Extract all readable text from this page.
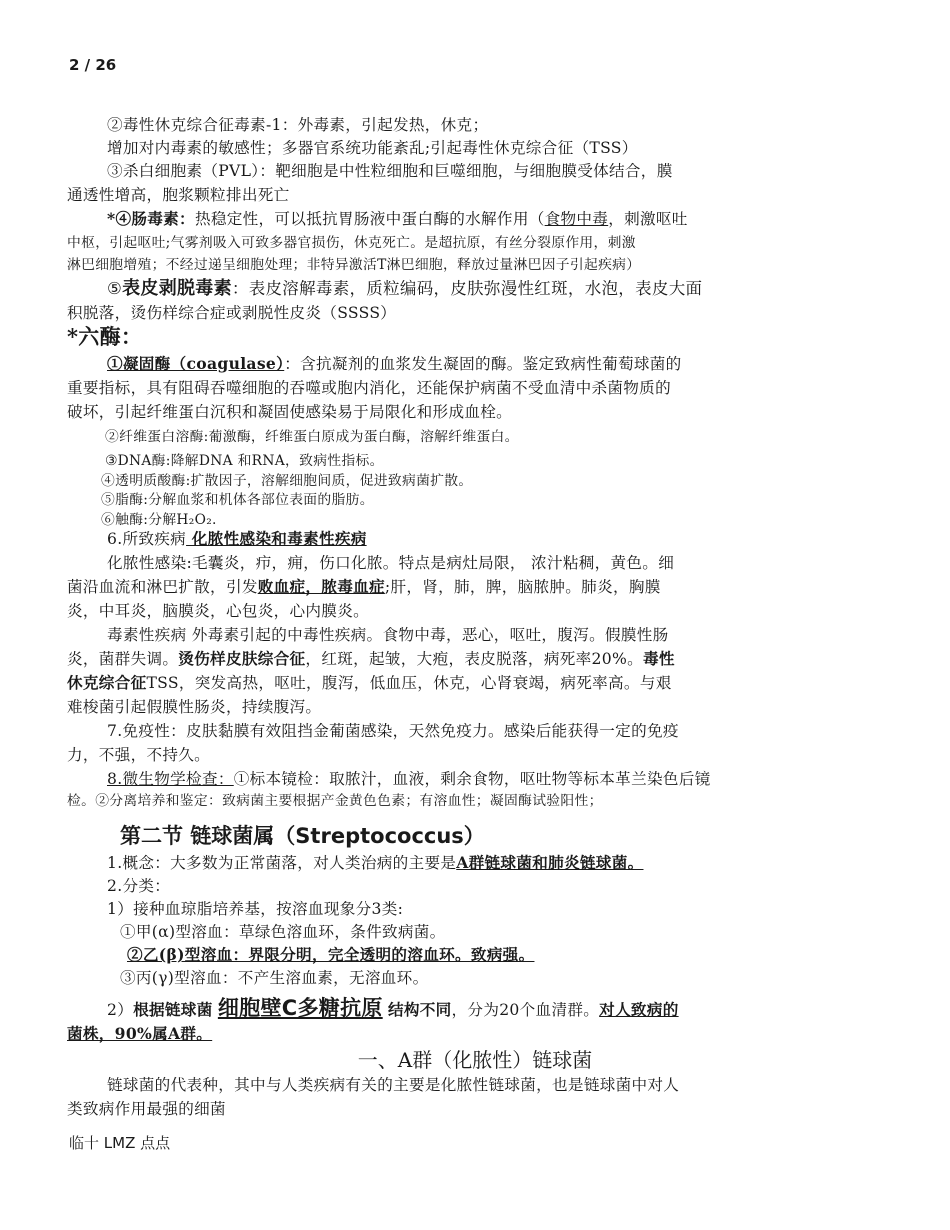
2 / 26
②毒性休克综合征毒素-1：外毒素，引起发热，休克；
增加对内毒素的敏感性；多器官系统功能紊乱;引起毒性休克综合征（TSS）
③杀白细胞素（PVL）：靶细胞是中性粒细胞和巨噬细胞，与细胞膜受体结合，膜
通透性增高，胞浆颗粒排出死亡
*④肠毒素：热稳定性，可以抵抗胃肠液中蛋白酶的水解作用（食物中毒，刺激呕吐
中枢，引起呕吐;气雾剂吸入可致多器官损伤，休克死亡。是超抗原，有丝分裂原作用，刺激
淋巴细胞增殖；不经过递呈细胞处理；非特异激活T淋巴细胞，释放过量淋巴因子引起疾病）
⑤表皮剥脱毒素：表皮溶解毒素，质粒编码，皮肤弥漫性红斑，水泡，表皮大面
积脱落，烫伤样综合症或剥脱性皮炎（SSSS）
*六酶：
①凝固酶（coagulase）：含抗凝剂的血浆发生凝固的酶。鉴定致病性葡萄球菌的
重要指标，具有阻碍吞噬细胞的吞噬或胞内消化，还能保护病菌不受血清中杀菌物质的
破坏，引起纤维蛋白沉积和凝固使感染易于局限化和形成血栓。
②纤维蛋白溶酶:葡激酶，纤维蛋白原成为蛋白酶，溶解纤维蛋白。
③DNA酶:降解DNA 和RNA，致病性指标。
④透明质酸酶:扩散因子，溶解细胞间质，促进致病菌扩散。
⑤脂酶:分解血浆和机体各部位表面的脂肪。
⑥触酶:分解H₂O₂.
6.所致疾病 化脓性感染和毒素性疾病
化脓性感染:毛囊炎，疖，痈，伤口化脓。特点是病灶局限， 浓汁粘稠，黄色。细
菌沿血流和淋巴扩散，引发败血症，脓毒血症;肝，肾，肺，脾，脑脓肿。肺炎，胸膜
炎，中耳炎，脑膜炎，心包炎，心内膜炎。
毒素性疾病 外毒素引起的中毒性疾病。食物中毒，恶心，呕吐，腹泻。假膜性肠
炎，菌群失调。烫伤样皮肤综合征，红斑，起皱，大疱，表皮脱落，病死率20%。毒性
休克综合征TSS，突发高热，呕吐，腹泻，低血压，休克，心肾衰竭，病死率高。与艰
难梭菌引起假膜性肠炎，持续腹泻。
7.免疫性：皮肤黏膜有效阻挡金葡菌感染，天然免疫力。感染后能获得一定的免疫
力，不强，不持久。
8.微生物学检查：①标本镜检：取脓汁，血液，剩余食物，呕吐物等标本革兰染色后镜
检。②分离培养和鉴定：致病菌主要根据产金黄色色素；有溶血性；凝固酶试验阳性；
第二节 链球菌属（Streptococcus）
1.概念：大多数为正常菌落，对人类治病的主要是A群链球菌和肺炎链球菌。
2.分类：
1）接种血琼脂培养基，按溶血现象分3类:
①甲(α)型溶血：草绿色溶血环，条件致病菌。
②乙(β)型溶血：界限分明，完全透明的溶血环。致病强。
③丙(γ)型溶血：不产生溶血素，无溶血环。
2）根据链球菌 细胞壁C多糖抗原 结构不同，分为20个血清群。对人致病的
菌株，90%属A群。
一、A群（化脓性）链球菌
链球菌的代表种，其中与人类疾病有关的主要是化脓性链球菌，也是链球菌中对人
类致病作用最强的细菌
临十 LMZ 点点
